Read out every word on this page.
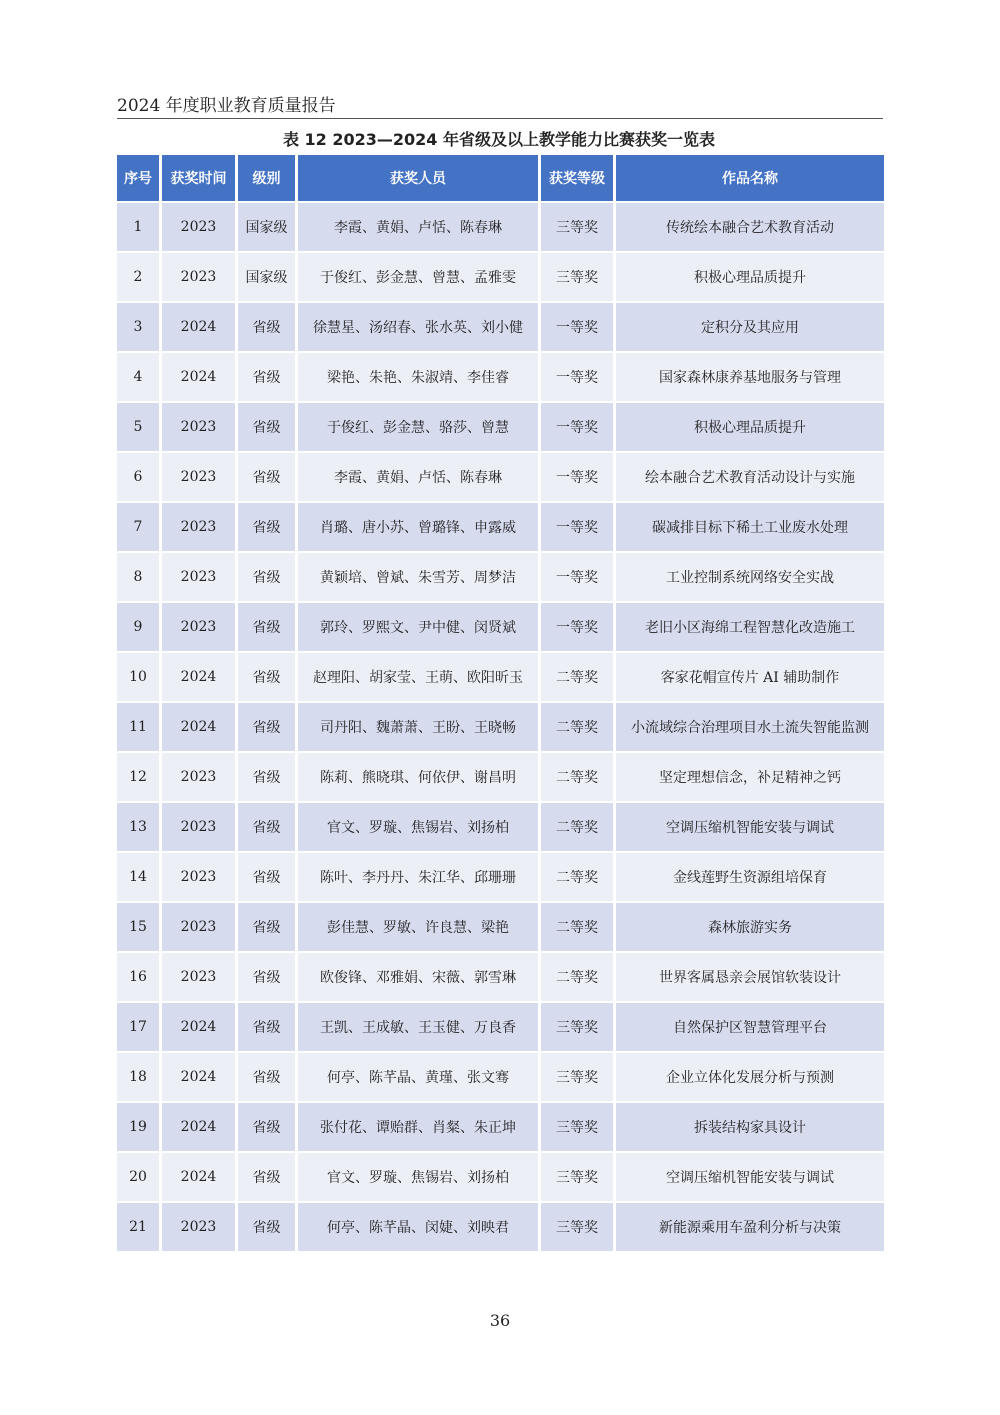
2024 年度职业教育质量报告
表 12 2023—2024 年省级及以上教学能力比赛获奖一览表
序号	获奖时间	级别	获奖人员	获奖等级	作品名称
1	2023	国家级	李霞、黄娟、卢恬、陈春琳	三等奖	传统绘本融合艺术教育活动
2	2023	国家级	于俊红、彭金慧、曾慧、孟雅雯	三等奖	积极心理品质提升
3	2024	省级	徐慧星、汤绍春、张水英、刘小健	一等奖	定积分及其应用
4	2024	省级	梁艳、朱艳、朱淑靖、李佳睿	一等奖	国家森林康养基地服务与管理
5	2023	省级	于俊红、彭金慧、骆莎、曾慧	一等奖	积极心理品质提升
6	2023	省级	李霞、黄娟、卢恬、陈春琳	一等奖	绘本融合艺术教育活动设计与实施
7	2023	省级	肖璐、唐小苏、曾璐锋、申露威	一等奖	碳减排目标下稀土工业废水处理
8	2023	省级	黄颖培、曾斌、朱雪芳、周梦洁	一等奖	工业控制系统网络安全实战
9	2023	省级	郭玲、罗熙文、尹中健、闵贤斌	一等奖	老旧小区海绵工程智慧化改造施工
10	2024	省级	赵理阳、胡家莹、王萌、欧阳昕玉	二等奖	客家花帽宣传片 AI 辅助制作
11	2024	省级	司丹阳、魏萧萧、王盼、王晓畅	二等奖	小流域综合治理项目水土流失智能监测
12	2023	省级	陈莉、熊晓琪、何依伊、谢昌明	二等奖	坚定理想信念，补足精神之钙
13	2023	省级	官文、罗璇、焦锡岩、刘扬柏	二等奖	空调压缩机智能安装与调试
14	2023	省级	陈叶、李丹丹、朱江华、邱珊珊	二等奖	金线莲野生资源组培保育
15	2023	省级	彭佳慧、罗敏、许良慧、梁艳	二等奖	森林旅游实务
16	2023	省级	欧俊锋、邓雅娟、宋薇、郭雪琳	二等奖	世界客属恳亲会展馆软装设计
17	2024	省级	王凯、王成敏、王玉健、万良香	三等奖	自然保护区智慧管理平台
18	2024	省级	何亭、陈芊晶、黄瑾、张文骞	三等奖	企业立体化发展分析与预测
19	2024	省级	张付花、谭贻群、肖粲、朱正坤	三等奖	拆装结构家具设计
20	2024	省级	官文、罗璇、焦锡岩、刘扬柏	三等奖	空调压缩机智能安装与调试
21	2023	省级	何亭、陈芊晶、闵婕、刘映君	三等奖	新能源乘用车盈利分析与决策
36
